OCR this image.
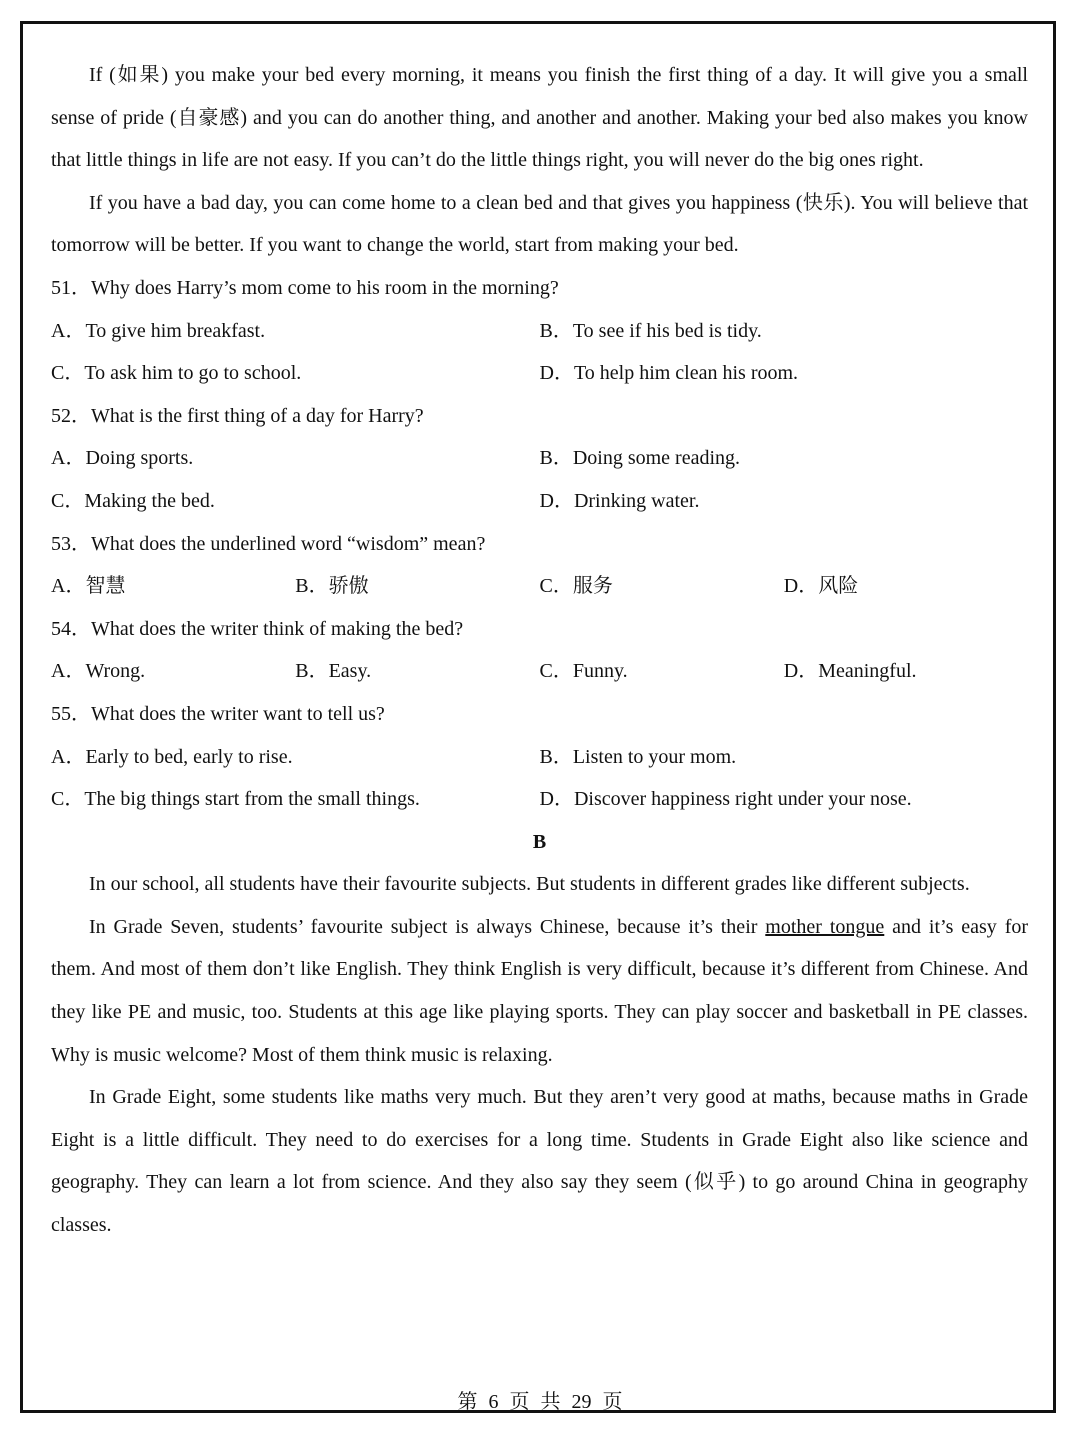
If (如果) you make your bed every morning, it means you finish the first thing of a day. It will give you a small sense of pride (自豪感) and you can do another thing, and another and another. Making your bed also makes you know that little things in life are not easy. If you can’t do the little things right, you will never do the big ones right.

If you have a bad day, you can come home to a clean bed and that gives you happiness (快乐). You will believe that tomorrow will be better. If you want to change the world, start from making your bed.

51．Why does Harry’s mom come to his room in the morning?

A．To give him breakfast.	B．To see if his bed is tidy.
C．To ask him to go to school.	D．To help him clean his room.

52．What is the first thing of a day for Harry?

A．Doing sports.	B．Doing some reading.
C．Making the bed.	D．Drinking water.

53．What does the underlined word “wisdom” mean?

A．智慧	B．骄傲	C．服务	D．风险

54．What does the writer think of making the bed?

A．Wrong.	B．Easy.	C．Funny.	D．Meaningful.

55．What does the writer want to tell us?

A．Early to bed, early to rise.	B．Listen to your mom.
C．The big things start from the small things.	D．Discover happiness right under your nose.

B

In our school, all students have their favourite subjects. But students in different grades like different subjects.

In Grade Seven, students’ favourite subject is always Chinese, because it’s their mother tongue and it’s easy for them. And most of them don’t like English. They think English is very difficult, because it’s different from Chinese. And they like PE and music, too. Students at this age like playing sports. They can play soccer and basketball in PE classes. Why is music welcome? Most of them think music is relaxing.

In Grade Eight, some students like maths very much. But they aren’t very good at maths, because maths in Grade Eight is a little difficult. They need to do exercises for a long time. Students in Grade Eight also like science and geography. They can learn a lot from science. And they also say they seem (似乎) to go around China in geography classes.

第 6 页 共 29 页
